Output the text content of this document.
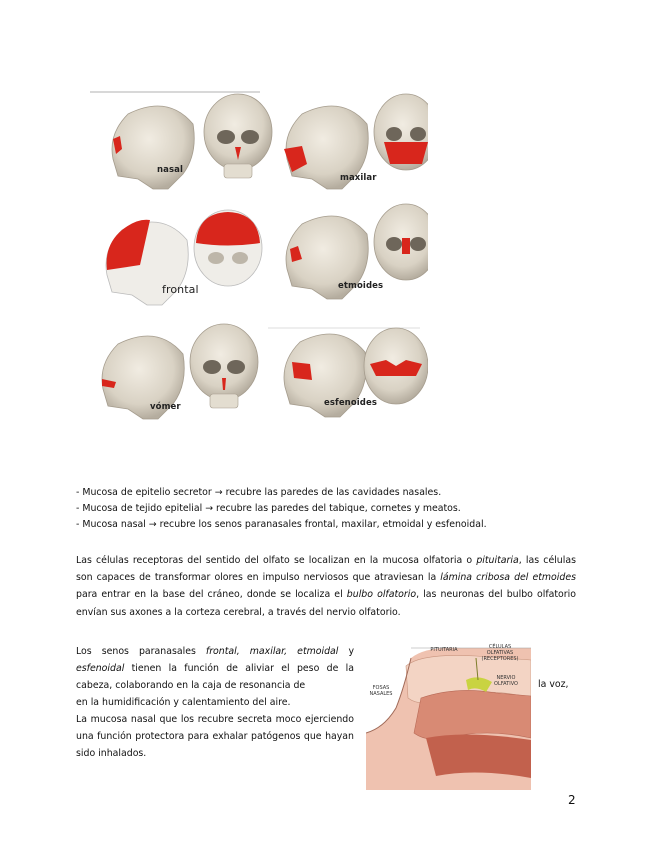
nasal
maxilar
frontal	etmoides
vómer	esfenoides

- Mucosa de epitelio secretor → recubre las paredes de las cavidades nasales.

- Mucosa de tejido epitelial → recubre las paredes del tabique, cornetes y meatos.

- Mucosa nasal → recubre los senos paranasales frontal, maxilar, etmoidal y esfenoidal.

Las células receptoras del sentido del olfato se localizan en la mucosa olfatoria o pituitaria, las células son capaces de transformar olores en impulso nerviosos que atraviesan la lámina cribosa del etmoides para entrar en la base del cráneo, donde se localiza el bulbo olfatorio, las neuronas del bulbo olfatorio envían sus axones a la corteza cerebral, a través del nervio olfatorio.
Los senos paranasales frontal, maxilar, etmoidal y esfenoidal tienen la función de aliviar el peso de la cabeza, colaborando en la caja de resonancia de	la voz,
en la humidificación y calentamiento del aire.
La mucosa nasal que los recubre secreta moco ejerciendo una función protectora para exhalar patógenos que hayan sido inhalados.
PITUITARIA	CÉLULAS OLFATIVAS (RECEPTORES)
FOSAS NASALES
NERVIO OLFATIVO
2
